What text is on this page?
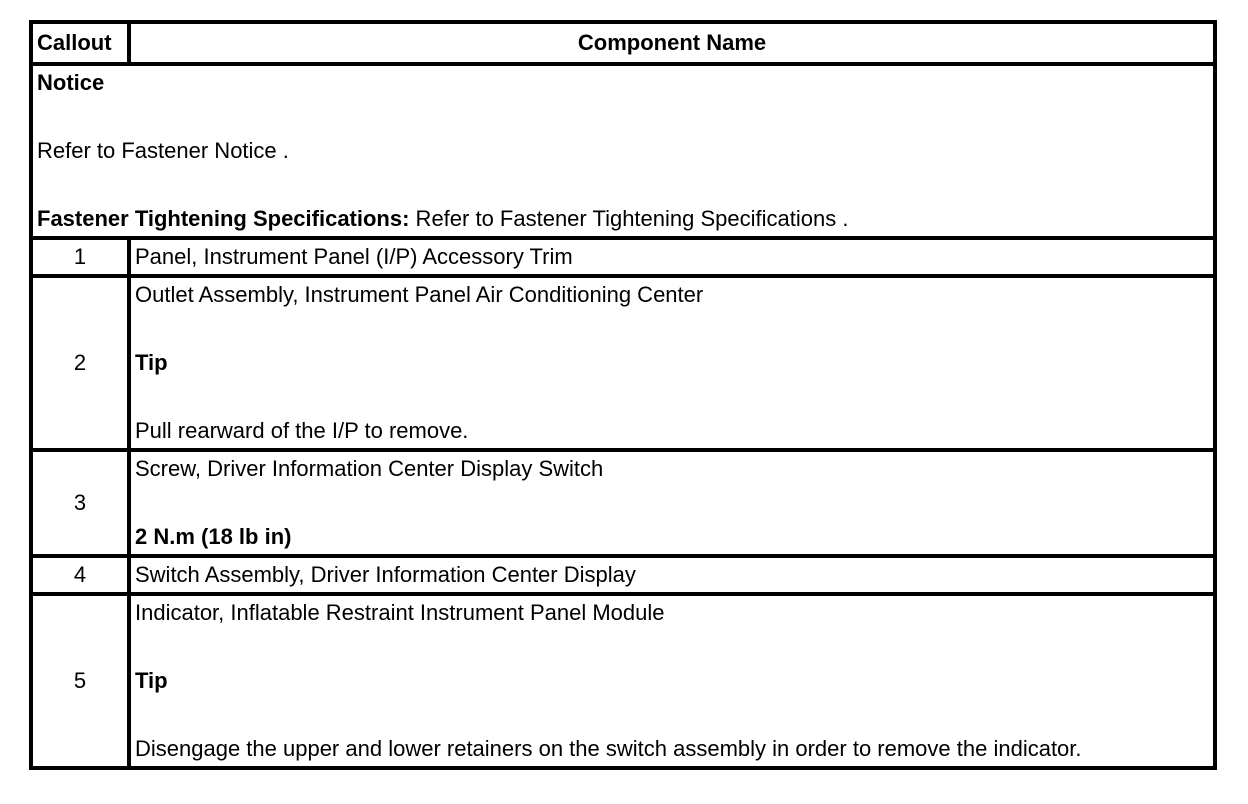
Callout	Component Name

Notice

Refer to Fastener Notice .

Fastener Tightening Specifications: Refer to Fastener Tightening Specifications .	

1	Panel, Instrument Panel (I/P) Accessory Trim
2	Outlet Assembly, Instrument Panel Air Conditioning Center

Tip

Pull rearward of the I/P to remove.

3	Screw, Driver Information Center Display Switch

2 N.m (18 lb in)

4	Switch Assembly, Driver Information Center Display
5	Indicator, Inflatable Restraint Instrument Panel Module

Tip

Disengage the upper and lower retainers on the switch assembly in order to remove the indicator.
